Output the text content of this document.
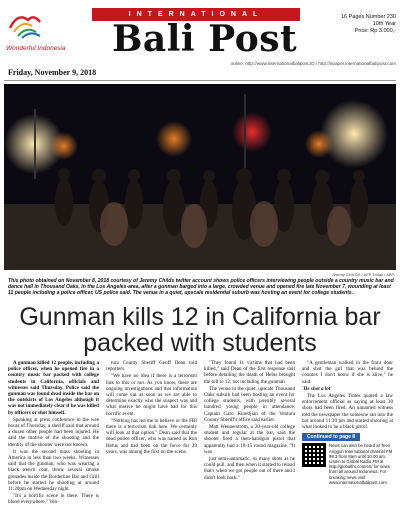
Wonderful Indonesia
INTERNATIONAL
Bali Post
16 Pages Number 230
10th Year
Price: Rp 3.000,-
online: http://www.internationalbalipost.ID / http://epaper.internationalbalipost.com
Friday, November 9, 2018
Jeremy CHILDS / AFP Today / AFP
This photo obtained on November 8, 2018 courtesy of Jeremy Childs twitter account shows police officers interviewing people outside a country music bar and dance hall in Thousand Oaks, in the Los Angeles-area, after a gunman barged into a large, crowded venue and opened fire late November 7, wounding at least 11 people including a police officer, US police said. The venue in a quiet, upscale residential suburb was hosting an event for college students.
Gunman kills 12 in California bar packed with students

A gunman killed 12 people, including a police officer, when he opened fire in a country music bar packed with college students in California, officials and witnesses said Thursday. Police said the gunman was found dead inside the bar on the outskirts of Los Angeles although it was not immediately clear if he was killed by officers or shot himself.

Speaking at press conference in the wee hours of Thursday, a sheriff said that around a dozen other people had been injured. He said the motive of the shooting and the identity of the shooter were not known.

It was the second mass shooting in America in less than two weeks. Witnesses said that the gunman, who was wearing a black trench coat, threw several smoke grenades inside the Borderline Bar and Grill before he started he shooting at around 11:20pm on Wednesday night.

"It's a horrific scene in there. There is blood everywhere," Ven-

tura County Sheriff Geoff Dean told reporters.

"We have no idea if there is a terrorism link to this or not. As you know, these are ongoing investigations and that information will come out as soon as we are able to determine exactly who the suspect was and what motive he might have had for this horrific event.

"Nothing has led me to believe or the FBI there is a terrorism link here. We certainly will look at that option." Dean said that the dead police officer, who was named as Ron Helus and had been on the force for 29 years, was among the first on the scene.

"They found 11 victims that had been killed," said Dean of the first response unit before detailing the death of Helus brought the toll to 12, not including the gunman.

The venue in the quiet, upscale Thousand Oaks suburb had been hosting an event for college students, with possibly several hundred young people in attendance, Captain Garo Kuredjian of the Ventura County Sheriff's office said earlier.

Matt Wennerstrom, a 20-year-old college student and regular at the bar, said the shooter fired a then-handgun pistol that apparently had a 10-15 round magazine. "It was

just semi-automatic, so many shots as he could pull, and then when it started to reload that's when we got people out of there and I didn't look back."

"A gentleman walked in the front door and shot the girl that was behind the counter. I don't know if she is alive," he said.

'He shot a lot'

The Los Angeles Times quoted a law enforcement official as saying at least 30 shots had been fired. An unnamed witness told the newspaper the someone ran into the bar around 11:30 pm and started shooting at what looked to be a black pistol.

Continued to page 8
News can also be heard at Teen Anggun International channel FM 98.3 from 8am until 10.00 am. Listen to Global Radio FM at http://globalfm.com/en/ for news from all around Indonesia. For breaking news visit www.internationalbalipost.com
